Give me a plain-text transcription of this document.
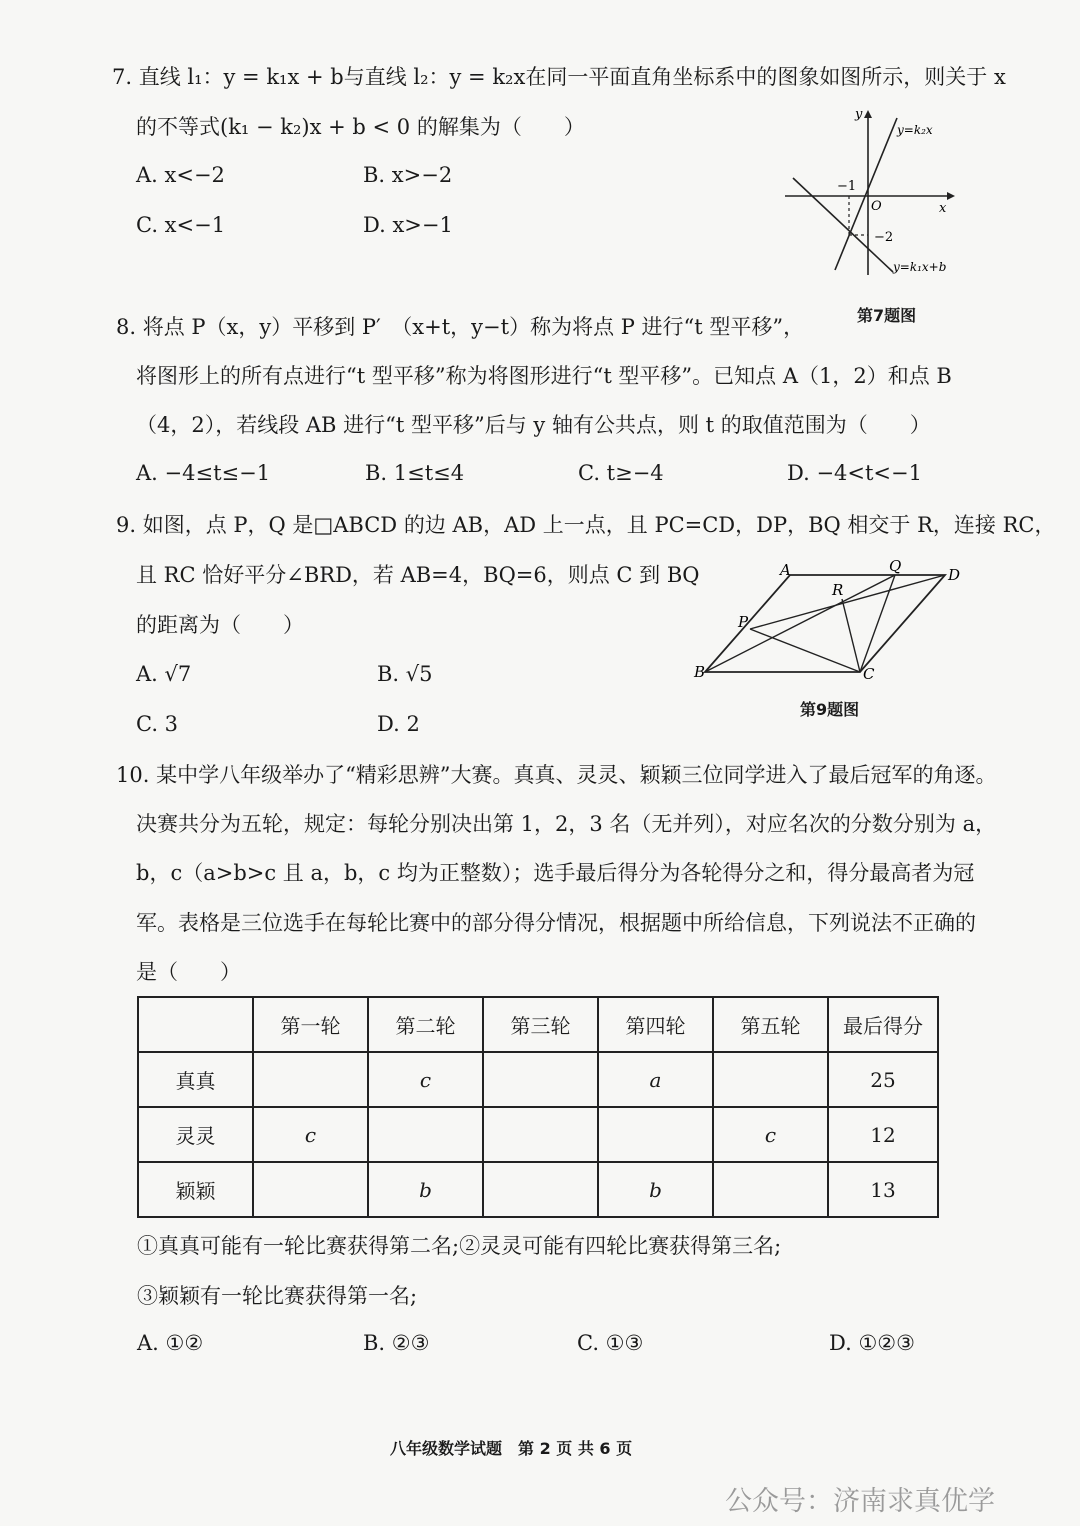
7. 直线 l₁：y = k₁x + b与直线 l₂：y = k₂x在同一平面直角坐标系中的图象如图所示，则关于 x
的不等式(k₁ − k₂)x + b < 0 的解集为（　　）
A. x<−2	B. x>−2
C. x<−1	D. x>−1
y
x
O
−1
−2
y=k₂x
y=k₁x+b
第7题图
8. 将点 P（x，y）平移到 P′　（x+t，y−t）称为将点 P 进行“t 型平移”，
将图形上的所有点进行“t 型平移”称为将图形进行“t 型平移”。已知点 A（1，2）和点 B
（4，2），若线段 AB 进行“t 型平移”后与 y 轴有公共点，则 t 的取值范围为（　　）
A. −4≤t≤−1	B. 1≤t≤4	C. t≥−4	D. −4<t<−1
9. 如图，点 P，Q 是□ABCD 的边 AB，AD 上一点，且 PC=CD，DP，BQ 相交于 R，连接 RC，
且 RC 恰好平分∠BRD，若 AB=4，BQ=6，则点 C 到 BQ
的距离为（　　）
A. √7	B. √5
C. 3	D. 2
A	Q	D
R
P
B	C
第9题图
10. 某中学八年级举办了“精彩思辨”大赛。真真、灵灵、颖颖三位同学进入了最后冠军的角逐。
决赛共分为五轮，规定：每轮分别决出第 1，2，3 名（无并列），对应名次的分数分别为 a，
b，c（a>b>c 且 a，b，c 均为正整数）；选手最后得分为各轮得分之和，得分最高者为冠
军。表格是三位选手在每轮比赛中的部分得分情况，根据题中所给信息，下列说法不正确的
是（　　）
	第一轮	第二轮	第三轮	第四轮	第五轮	最后得分
真真		c		a		25
灵灵	c				c	12
颖颖		b		b		13
①真真可能有一轮比赛获得第二名;②灵灵可能有四轮比赛获得第三名;
③颖颖有一轮比赛获得第一名;
A. ①②	B. ②③	C. ①③	D. ①②③
八年级数学试题　第 2 页 共 6 页
公众号：济南求真优学
